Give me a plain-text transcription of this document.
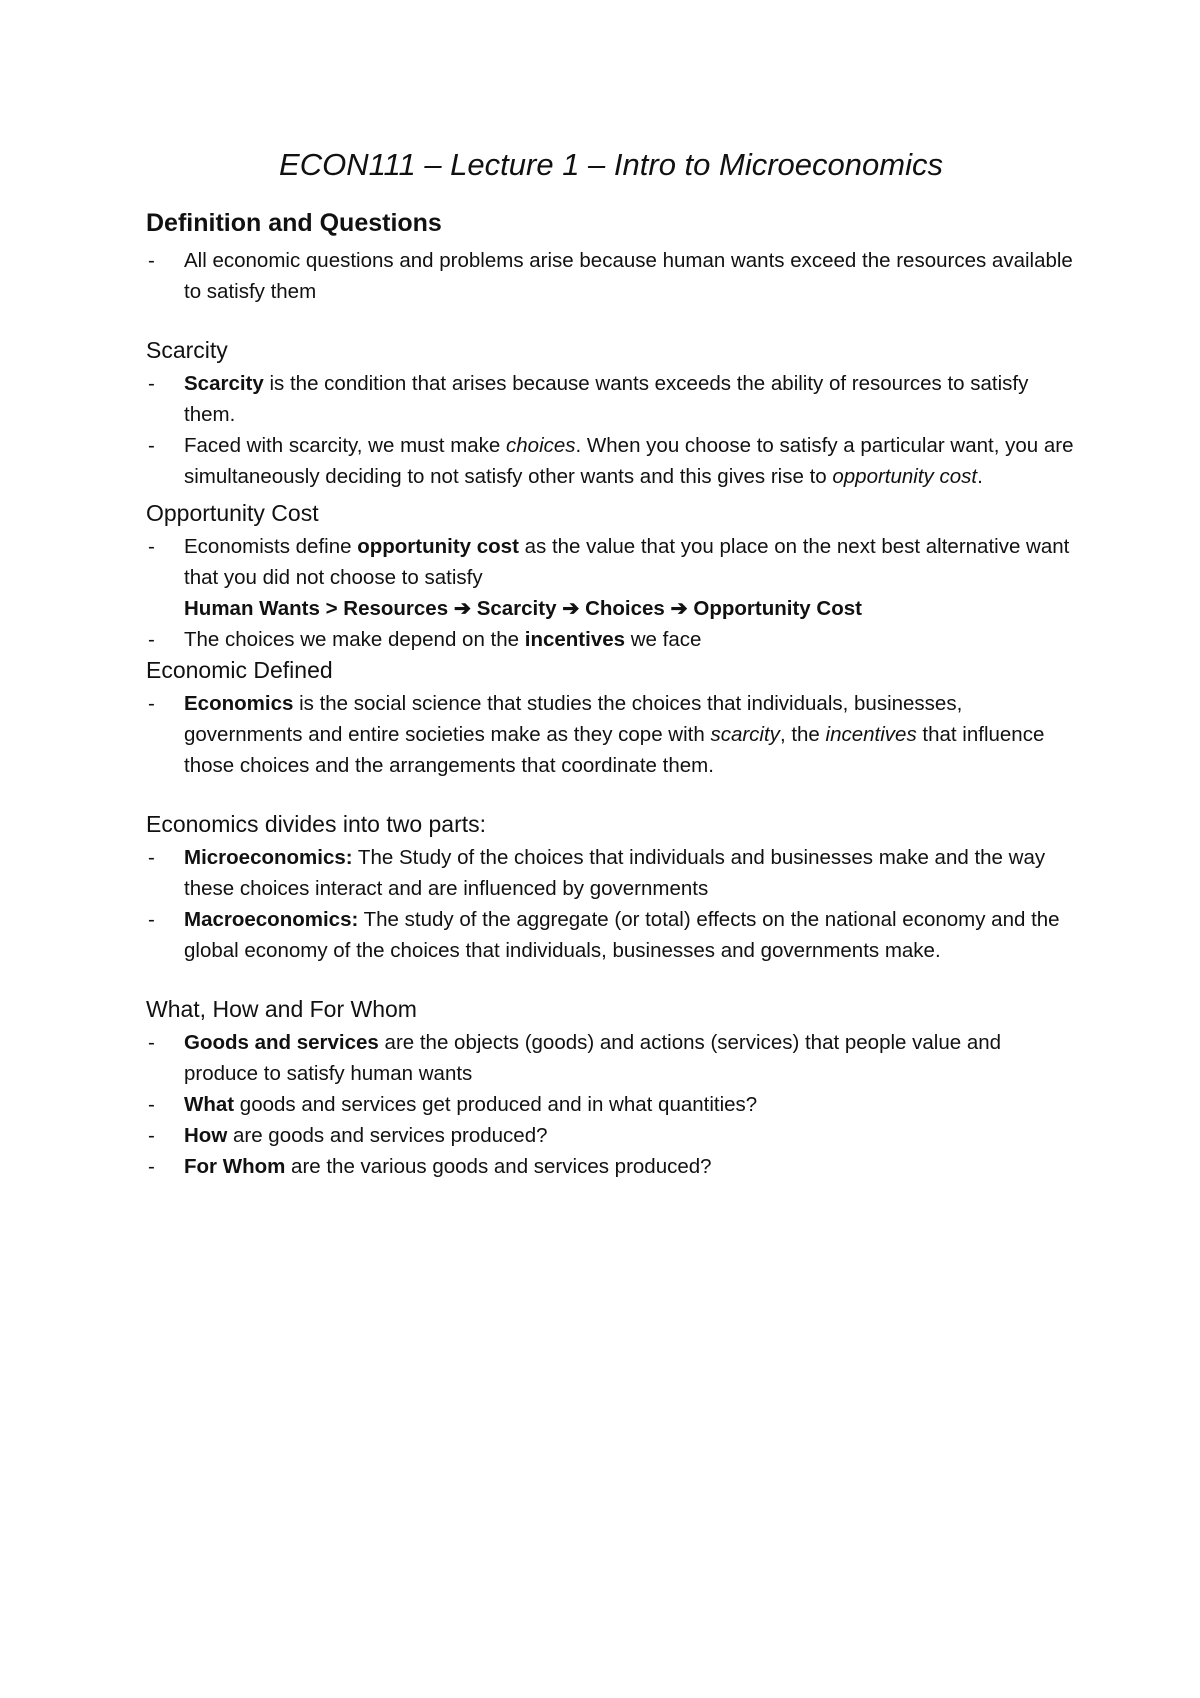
ECON111 – Lecture 1 – Intro to Microeconomics
Definition and Questions
- All economic questions and problems arise because human wants exceed the resources available to satisfy them
Scarcity
- Scarcity is the condition that arises because wants exceeds the ability of resources to satisfy them.
- Faced with scarcity, we must make choices. When you choose to satisfy a particular want, you are simultaneously deciding to not satisfy other wants and this gives rise to opportunity cost.
Opportunity Cost
- Economists define opportunity cost as the value that you place on the next best alternative want that you did not choose to satisfy
Human Wants > Resources ➔ Scarcity ➔ Choices ➔ Opportunity Cost
- The choices we make depend on the incentives we face
Economic Defined
- Economics is the social science that studies the choices that individuals, businesses, governments and entire societies make as they cope with scarcity, the incentives that influence those choices and the arrangements that coordinate them.
Economics divides into two parts:
- Microeconomics: The Study of the choices that individuals and businesses make and the way these choices interact and are influenced by governments
- Macroeconomics: The study of the aggregate (or total) effects on the national economy and the global economy of the choices that individuals, businesses and governments make.
What, How and For Whom
- Goods and services are the objects (goods) and actions (services) that people value and produce to satisfy human wants
- What goods and services get produced and in what quantities?
- How are goods and services produced?
- For Whom are the various goods and services produced?
